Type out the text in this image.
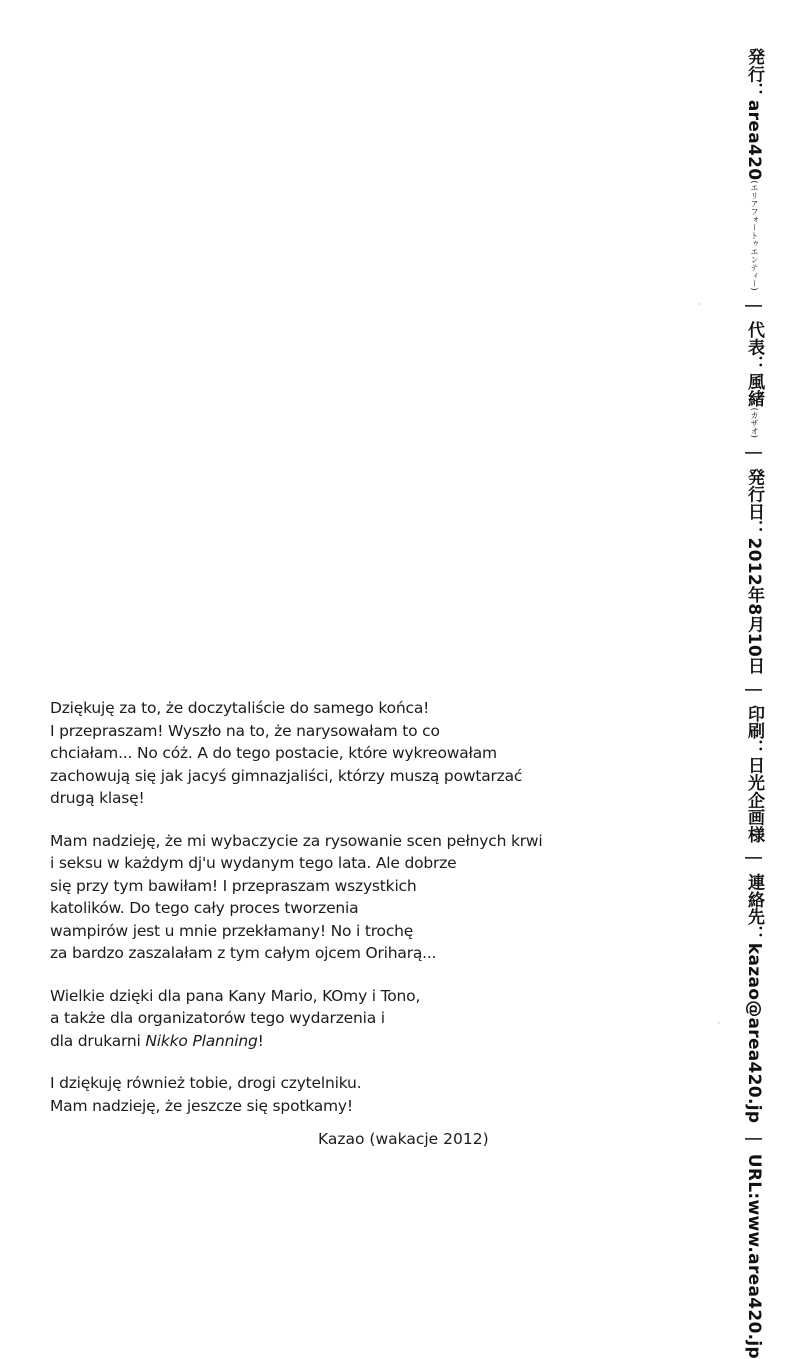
Dziękuję za to, że doczytaliście do samego końca!
I przepraszam! Wyszło na to, że narysowałam to co
chciałam... No cóż. A do tego postacie, które wykreowałam
zachowują się jak jacyś gimnazjaliści, którzy muszą powtarzać
drugą klasę!
Mam nadzieję, że mi wybaczycie za rysowanie scen pełnych krwi
i seksu w każdym dj'u wydanym tego lata. Ale dobrze
się przy tym bawiłam! I przepraszam wszystkich
katolików. Do tego cały proces tworzenia
wampirów jest u mnie przekłamany! No i trochę
za bardzo zaszalałam z tym całym ojcem Oriharą...
Wielkie dzięki dla pana Kany Mario, KOmy i Tono,
a także dla organizatorów tego wydarzenia i
dla drukarni Nikko Planning!
I dziękuję również tobie, drogi czytelniku.
Mam nadzieję, że jeszcze się spotkamy!
Kazao (wakacje 2012)
発行：area420(エリアフォートゥエンティー) | 代表：風緒(カザオ) | 発行日：2012年8月10日 | 印刷：日光企画様 | 連絡先：kazao@area420.jp | URL:www.area420.jp
